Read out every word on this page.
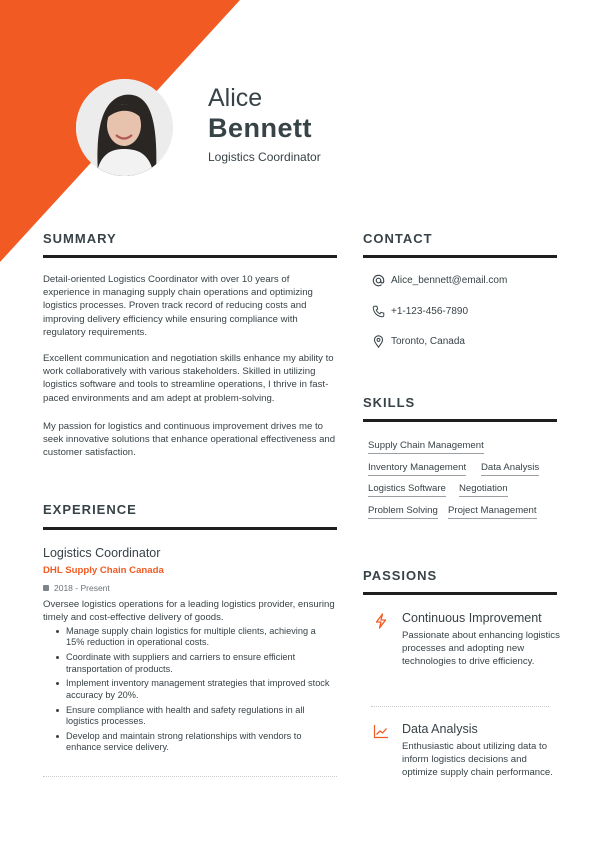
Alice
Bennett
Logistics Coordinator
SUMMARY
Detail-oriented Logistics Coordinator with over 10 years of experience in managing supply chain operations and optimizing logistics processes. Proven track record of reducing costs and improving delivery efficiency while ensuring compliance with regulatory requirements.
Excellent communication and negotiation skills enhance my ability to work collaboratively with various stakeholders. Skilled in utilizing logistics software and tools to streamline operations, I thrive in fast-paced environments and am adept at problem-solving.
My passion for logistics and continuous improvement drives me to seek innovative solutions that enhance operational effectiveness and customer satisfaction.
EXPERIENCE
Logistics Coordinator
DHL Supply Chain Canada
2018 - Present
Oversee logistics operations for a leading logistics provider, ensuring timely and cost-effective delivery of goods.
Manage supply chain logistics for multiple clients, achieving a 15% reduction in operational costs.
Coordinate with suppliers and carriers to ensure efficient transportation of products.
Implement inventory management strategies that improved stock accuracy by 20%.
Ensure compliance with health and safety regulations in all logistics processes.
Develop and maintain strong relationships with vendors to enhance service delivery.
CONTACT
Alice_bennett@email.com
+1-123-456-7890
Toronto, Canada
SKILLS
Supply Chain Management
Inventory Management Data Analysis
Logistics Software Negotiation
Problem Solving Project Management
PASSIONS
Continuous Improvement
Passionate about enhancing logistics processes and adopting new technologies to drive efficiency.
Data Analysis
Enthusiastic about utilizing data to inform logistics decisions and optimize supply chain performance.
